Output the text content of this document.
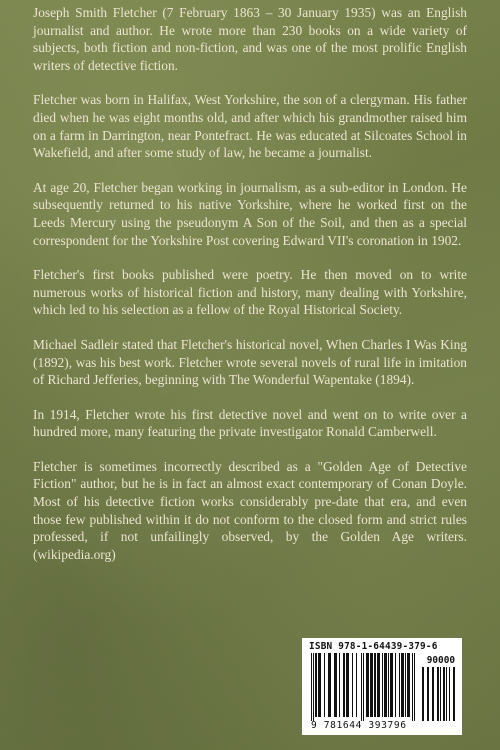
Joseph Smith Fletcher (7 February 1863 – 30 January 1935) was an English journalist and author. He wrote more than 230 books on a wide variety of subjects, both fiction and non-fiction, and was one of the most prolific English writers of detective fiction.

Fletcher was born in Halifax, West Yorkshire, the son of a clergyman. His father died when he was eight months old, and after which his grandmother raised him on a farm in Darrington, near Pontefract. He was educated at Silcoates School in Wakefield, and after some study of law, he became a journalist.

At age 20, Fletcher began working in journalism, as a sub-editor in London. He subsequently returned to his native Yorkshire, where he worked first on the Leeds Mercury using the pseudonym A Son of the Soil, and then as a special correspondent for the Yorkshire Post covering Edward VII's coronation in 1902.

Fletcher's first books published were poetry. He then moved on to write numerous works of historical fiction and history, many dealing with Yorkshire, which led to his selection as a fellow of the Royal Historical Society.

Michael Sadleir stated that Fletcher's historical novel, When Charles I Was King (1892), was his best work. Fletcher wrote several novels of rural life in imitation of Richard Jefferies, beginning with The Wonderful Wapentake (1894).

In 1914, Fletcher wrote his first detective novel and went on to write over a hundred more, many featuring the private investigator Ronald Camberwell.

Fletcher is sometimes incorrectly described as a "Golden Age of Detective Fiction" author, but he is in fact an almost exact contemporary of Conan Doyle. Most of his detective fiction works considerably pre-date that era, and even those few published within it do not conform to the closed form and strict rules professed, if not unfailingly observed, by the Golden Age writers. (wikipedia.org)

ISBN 978-1-64439-379-6
90000
9 781644 393796
